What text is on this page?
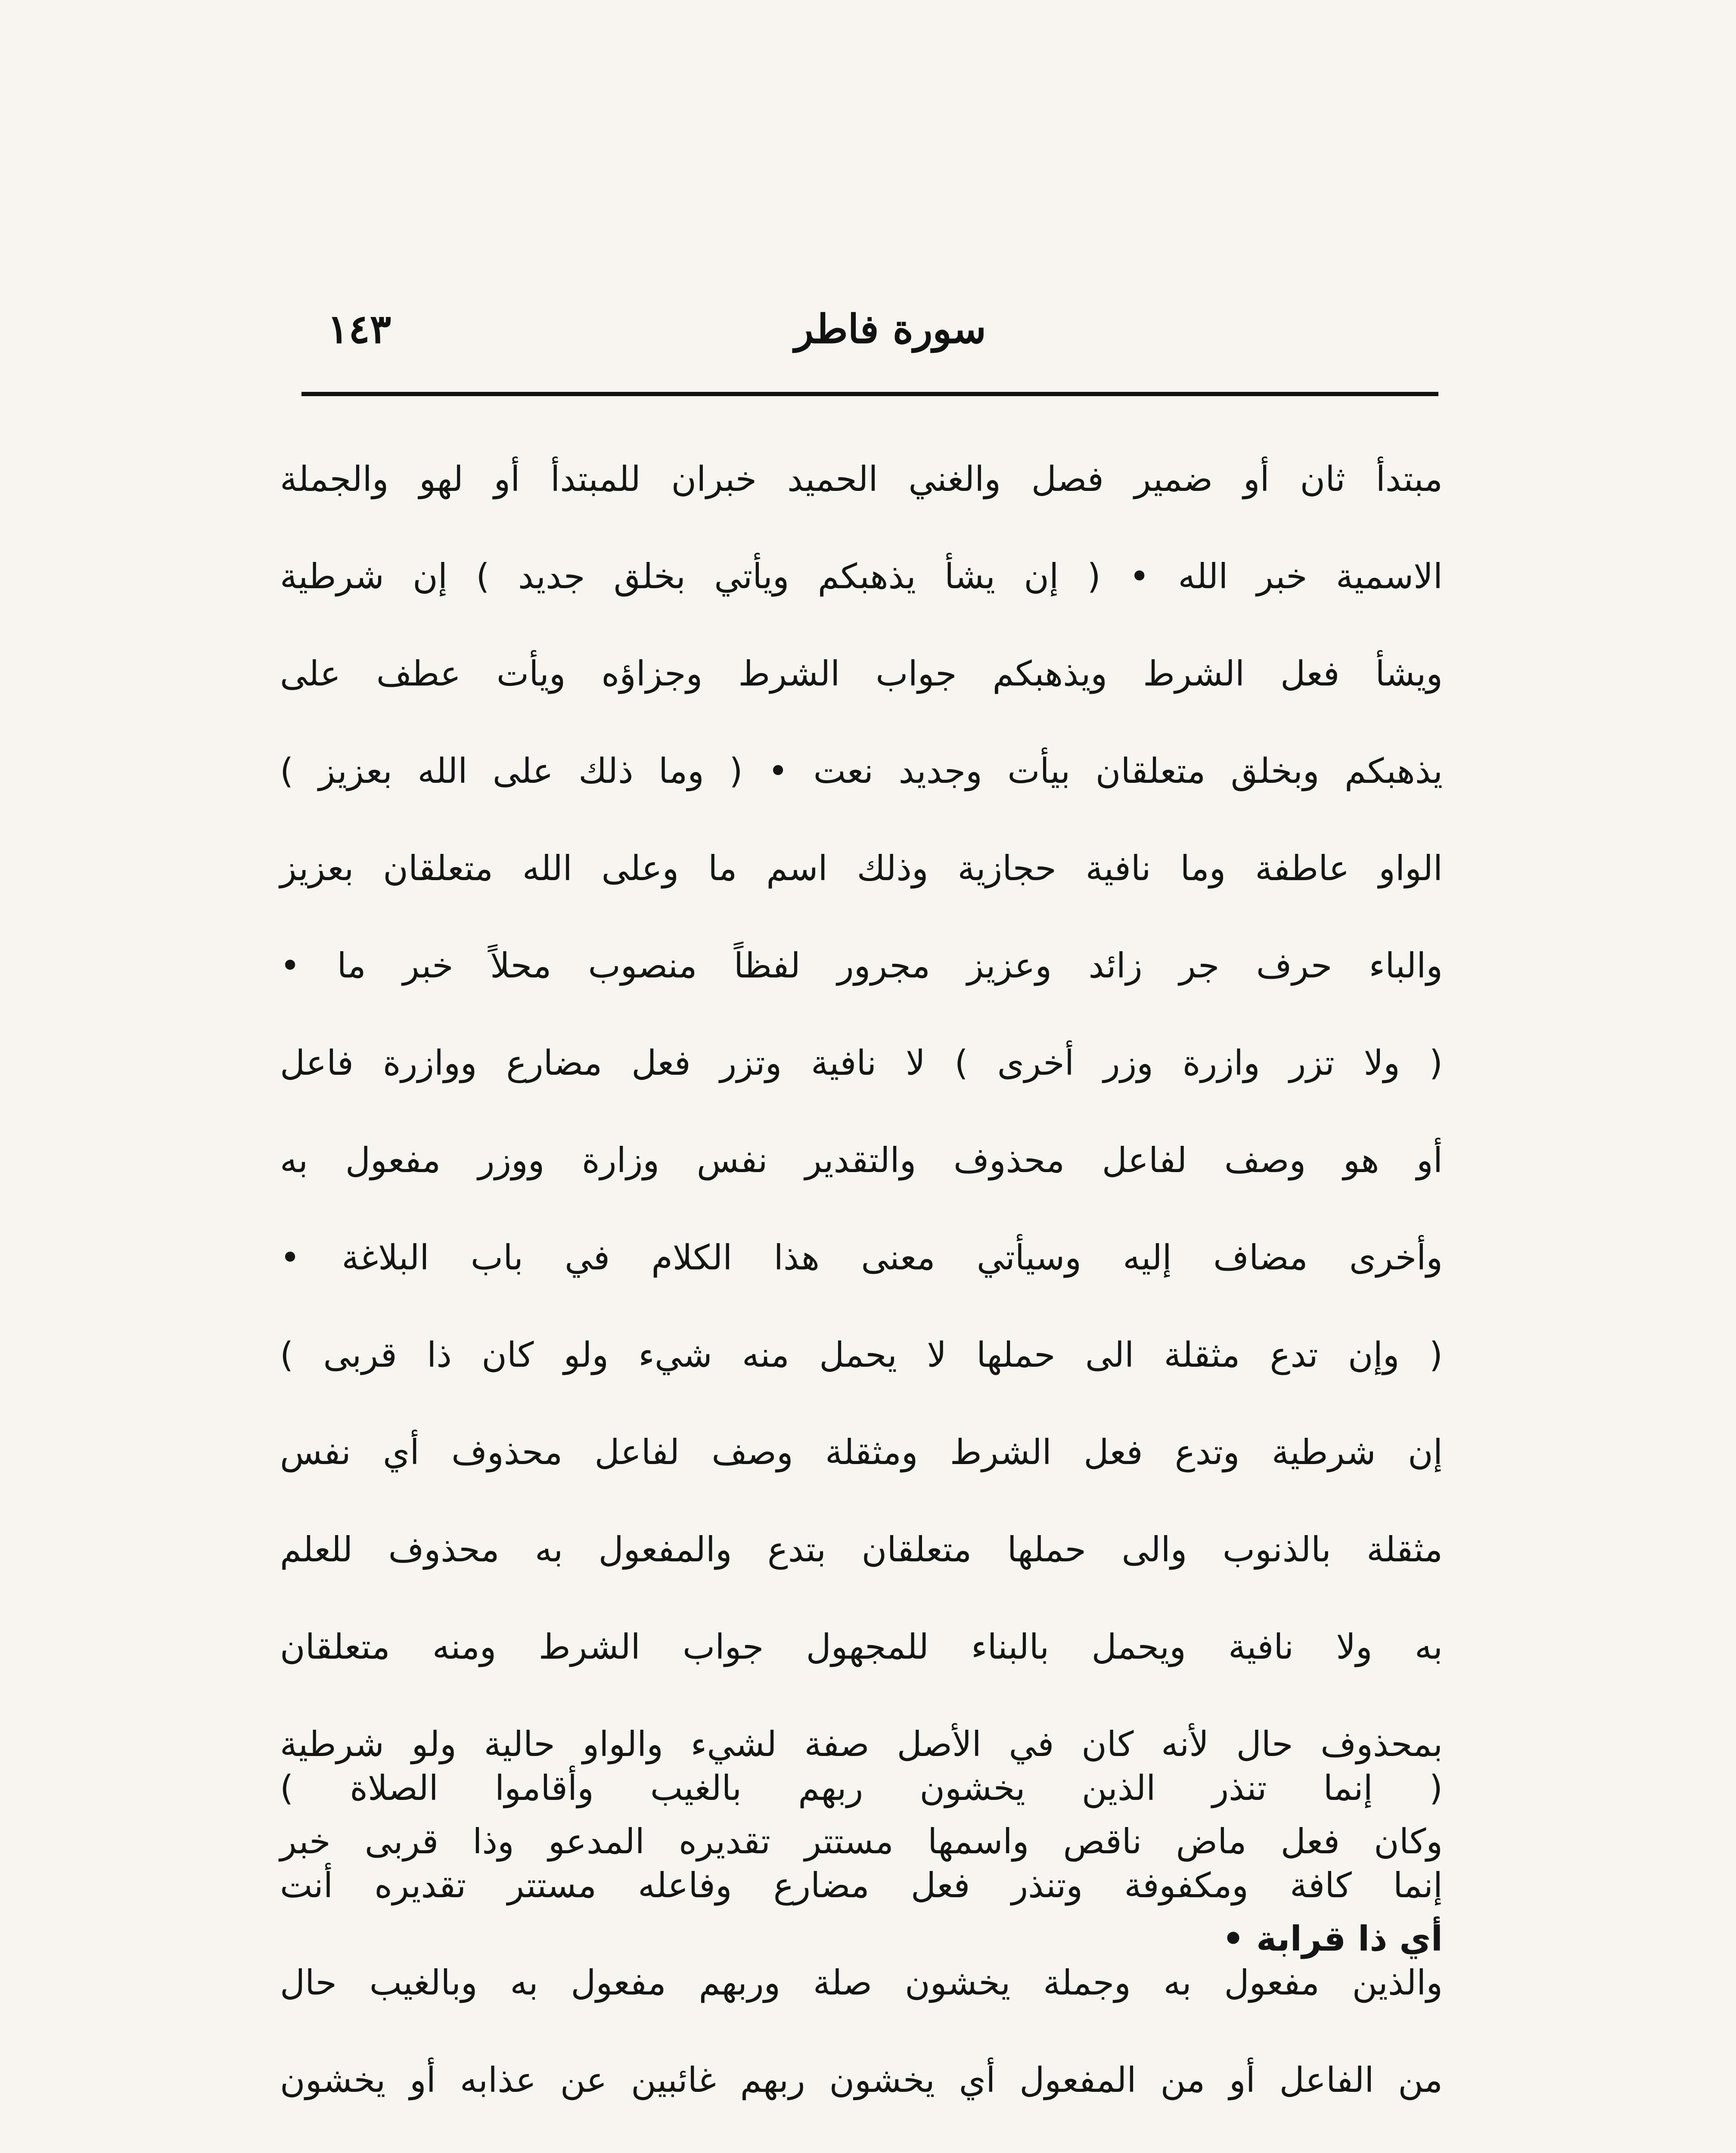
سورة فاطر
١٤٣
مبتدأ ثان أو ضمير فصل والغني الحميد خبران للمبتدأ أو لهو والجملة
الاسمية خبر الله • ( إن يشأ يذهبكم ويأتي بخلق جديد ) إن شرطية
ويشأ فعل الشرط ويذهبكم جواب الشرط وجزاؤه ويأت عطف على
يذهبكم وبخلق متعلقان بيأت وجديد نعت • ( وما ذلك على الله بعزيز )
الواو عاطفة وما نافية حجازية وذلك اسم ما وعلى الله متعلقان بعزيز
والباء حرف جر زائد وعزيز مجرور لفظاً منصوب محلاً خبر ما •
( ولا تزر وازرة وزر أخرى ) لا نافية وتزر فعل مضارع ووازرة فاعل
أو هو وصف لفاعل محذوف والتقدير نفس وزارة ووزر مفعول به
وأخرى مضاف إليه وسيأتي معنى هذا الكلام في باب البلاغة •
( وإن تدع مثقلة الى حملها لا يحمل منه شيء ولو كان ذا قربى )
إن شرطية وتدع فعل الشرط ومثقلة وصف لفاعل محذوف أي نفس
مثقلة بالذنوب والى حملها متعلقان بتدع والمفعول به محذوف للعلم
به ولا نافية ويحمل بالبناء للمجهول جواب الشرط ومنه متعلقان
بمحذوف حال لأنه كان في الأصل صفة لشيء والواو حالية ولو شرطية
وكان فعل ماض ناقص واسمها مستتر تقديره المدعو وذا قربى خبر
أي ذا قرابة •
( إنما تنذر الذين يخشون ربهم بالغيب وأقاموا الصلاة )
إنما كافة ومكفوفة وتنذر فعل مضارع وفاعله مستتر تقديره أنت
والذين مفعول به وجملة يخشون صلة وربهم مفعول به وبالغيب حال
من الفاعل أو من المفعول أي يخشون ربهم غائبين عن عذابه أو يخشون
